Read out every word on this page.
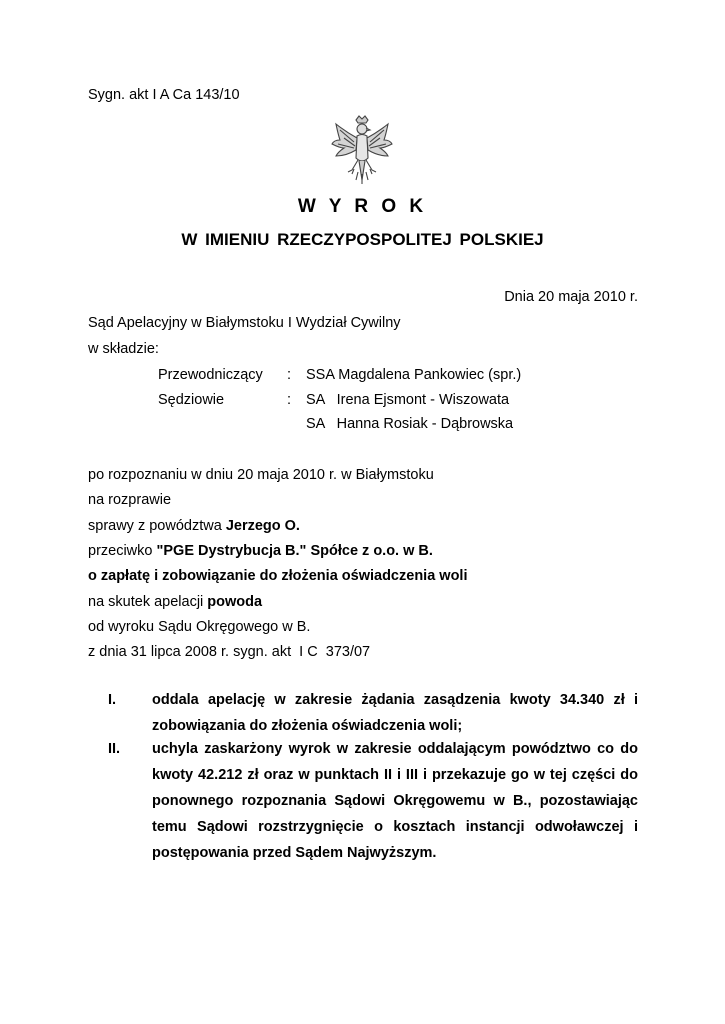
Sygn. akt I A Ca 143/10
W Y R O K
W IMIENIU RZECZYPOSPOLITEJ POLSKIEJ
Dnia 20 maja 2010 r.
Sąd Apelacyjny w Białymstoku I Wydział Cywilny
w składzie:
Przewodniczący : SSA Magdalena Pankowiec (spr.)
Sędziowie	: SA   Irena Ejsmont - Wiszowata
SA   Hanna Rosiak - Dąbrowska
po rozpoznaniu w dniu 20 maja 2010 r. w Białymstoku
na rozprawie
sprawy z powództwa Jerzego O.
przeciwko "PGE Dystrybucja B." Spółce z o.o. w B.
o zapłatę i zobowiązanie do złożenia oświadczenia woli
na skutek apelacji powoda
od wyroku Sądu Okręgowego w B.
z dnia 31 lipca 2008 r. sygn. akt  I C  373/07
I. oddala apelację w zakresie żądania zasądzenia kwoty 34.340 zł i
zobowiązania do złożenia oświadczenia woli;
II. uchyla zaskarżony wyrok w zakresie oddalającym powództwo co do
kwoty 42.212 zł oraz w punktach II i III i przekazuje go w tej części do
ponownego rozpoznania Sądowi Okręgowemu w B., pozostawiając
temu Sądowi rozstrzygnięcie o kosztach instancji odwoławczej i
postępowania przed Sądem Najwyższym.
